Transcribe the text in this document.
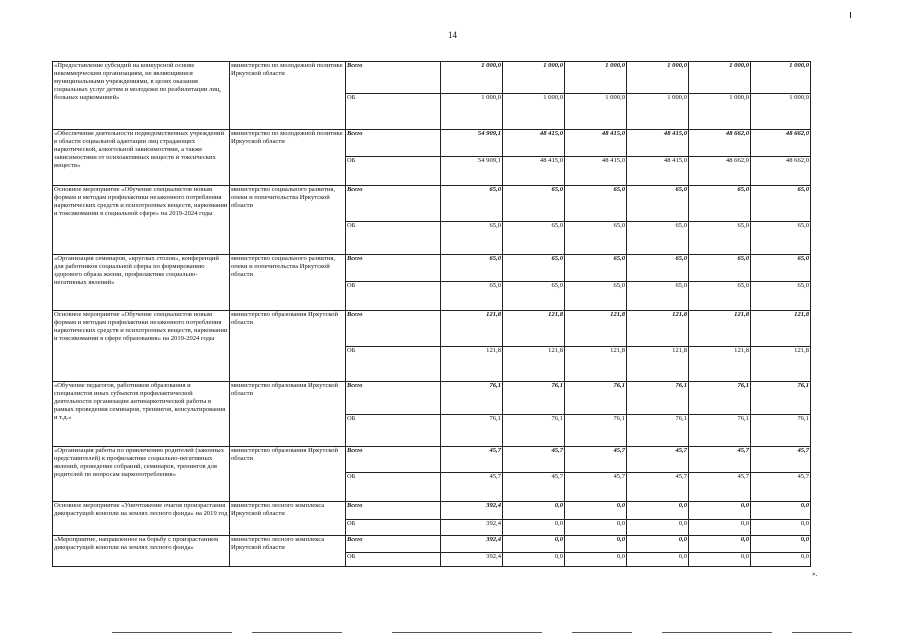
14
«Предоставление субсидий на конкурсной основе некоммерческим организациям, не являющимися муниципальными учреждениями, в целях оказания социальных услуг детям и молодежи по реабилитации лиц, больных наркоманией»	министерство по молодежной политике Иркутской области	Всего	1 000,0	1 000,0	1 000,0	1 000,0	1 000,0	1 000,0
		ОБ	1 000,0	1 000,0	1 000,0	1 000,0	1 000,0	1 000,0
«Обеспечение деятельности подведомственных учреждений в области социальной адаптации лиц страдающих наркотической, алкогольной зависимостями, а также зависимостями от психоактивных веществ и токсических веществ»	министерство по молодежной политике Иркутской области	Всего	54 909,1	48 415,0	48 415,0	48 415,0	48 662,0	48 662,0
		ОБ	54 909,1	48 415,0	48 415,0	48 415,0	48 662,0	48 662,0
Основное мероприятие «Обучение специалистов новым формам и методам профилактики незаконного потребления наркотических средств и психотропных веществ, наркомании и токсикомании в социальной сфере» на 2019-2024 годы	министерство социального развития, опеки и попечительства Иркутской области	Всего	65,0	65,0	65,0	65,0	65,0	65,0
		ОБ	65,0	65,0	65,0	65,0	65,0	65,0
«Организация семинаров, «круглых столов», конференций для работников социальной сферы по формированию здорового образа жизни, профилактике социально-негативных явлений»	министерство социального развития, опеки и попечительства Иркутской области	Всего	65,0	65,0	65,0	65,0	65,0	65,0
		ОБ	65,0	65,0	65,0	65,0	65,0	65,0
Основное мероприятие «Обучение специалистов новым формам и методам профилактики незаконного потребления наркотических средств и психотропных веществ, наркомании и токсикомании в сфере образования» на 2019-2024 годы	министерство образования Иркутской области	Всего	121,8	121,8	121,8	121,8	121,8	121,8
		ОБ	121,8	121,8	121,8	121,8	121,8	121,8
«Обучение педагогов, работников образования и специалистов иных субъектов профилактической деятельности организации антинаркотической работы в рамках проведения семинаров, тренингов, консультирования и т.д.»	министерство образования Иркутской области	Всего	76,1	76,1	76,1	76,1	76,1	76,1
		ОБ	76,1	76,1	76,1	76,1	76,1	76,1
«Организация работы по привлечению родителей (законных представителей) к профилактике социально-негативных явлений, проведение собраний, семинаров, тренингов для родителей по вопросам наркопотребления»	министерство образования Иркутской области	Всего	45,7	45,7	45,7	45,7	45,7	45,7
		ОБ	45,7	45,7	45,7	45,7	45,7	45,7
Основное мероприятие «Уничтожение очагов произрастания дикорастущей конопли на землях лесного фонда» на 2019 год	министерство лесного комплекса Иркутской области	Всего	392,4	0,0	0,0	0,0	0,0	0,0
		ОБ	392,4	0,0	0,0	0,0	0,0	0,0
«Мероприятие, направленное на борьбу с произрастанием дикорастущей конопли на землях лесного фонда»	министерство лесного комплекса Иркутской области	Всего	392,4	0,0	0,0	0,0	0,0	0,0
		ОБ	392,4	0,0	0,0	0,0	0,0	0,0
».
